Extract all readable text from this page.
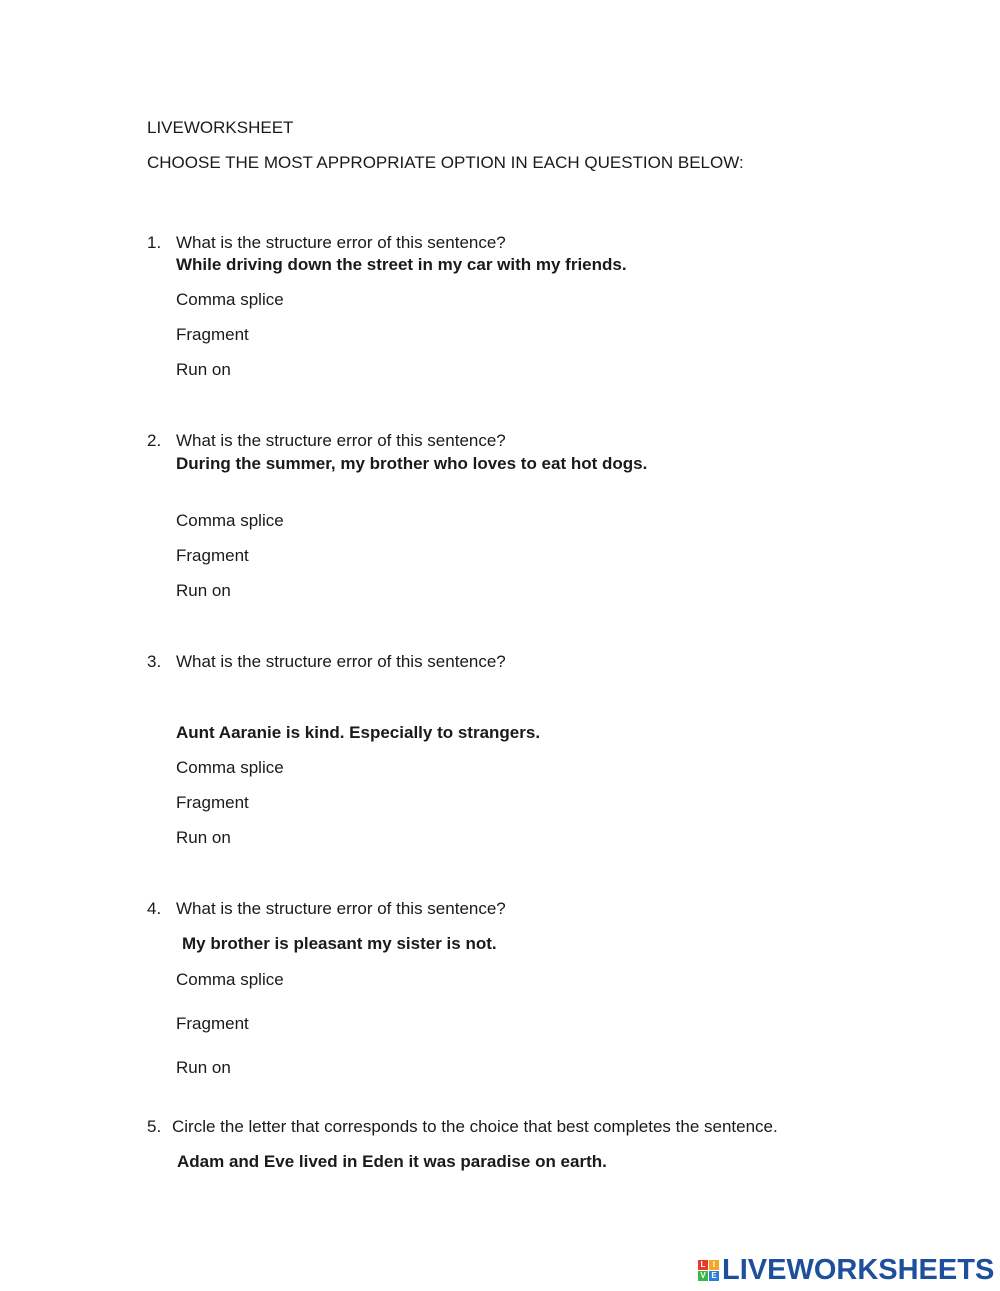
LIVEWORKSHEET
CHOOSE THE MOST APPROPRIATE OPTION IN EACH QUESTION BELOW:
1. What is the structure error of this sentence?
While driving down the street in my car with my friends.
Comma splice
Fragment
Run on
2. What is the structure error of this sentence?
During the summer, my brother who loves to eat hot dogs.
Comma splice
Fragment
Run on
3. What is the structure error of this sentence?
Aunt Aaranie is kind. Especially to strangers.
Comma splice
Fragment
Run on
4. What is the structure error of this sentence?
My brother is pleasant my sister is not.
Comma splice
Fragment
Run on
5. Circle the letter that corresponds to the choice that best completes the sentence.
Adam and Eve lived in Eden it was paradise on earth.
L I
V E LIVEWORKSHEETS
